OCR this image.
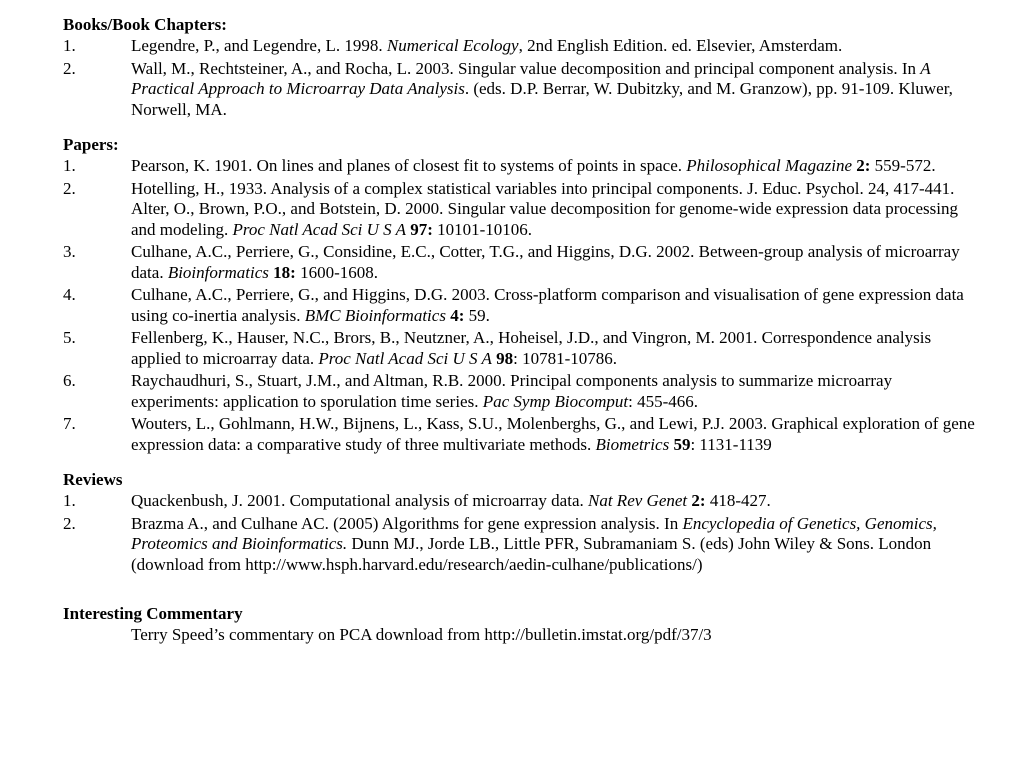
Books/Book Chapters:
1.	Legendre, P., and Legendre, L. 1998. Numerical Ecology, 2nd English Edition. ed. Elsevier, Amsterdam.
2.	Wall, M., Rechtsteiner, A., and Rocha, L. 2003. Singular value decomposition and principal component analysis. In A Practical Approach to Microarray Data Analysis. (eds. D.P. Berrar, W. Dubitzky, and M. Granzow), pp. 91-109. Kluwer, Norwell, MA.
Papers:
1.	Pearson, K. 1901. On lines and planes of closest fit to systems of points in space. Philosophical Magazine 2: 559-572.
2.	Hotelling, H., 1933. Analysis of a complex statistical variables into principal components. J. Educ. Psychol. 24, 417-441. Alter, O., Brown, P.O., and Botstein, D. 2000. Singular value decomposition for genome-wide expression data processing and modeling. Proc Natl Acad Sci U S A 97: 10101-10106.
3.	Culhane, A.C., Perriere, G., Considine, E.C., Cotter, T.G., and Higgins, D.G. 2002. Between-group analysis of microarray data. Bioinformatics 18: 1600-1608.
4.	Culhane, A.C., Perriere, G., and Higgins, D.G. 2003. Cross-platform comparison and visualisation of gene expression data using co-inertia analysis. BMC Bioinformatics 4: 59.
5.	Fellenberg, K., Hauser, N.C., Brors, B., Neutzner, A., Hoheisel, J.D., and Vingron, M. 2001. Correspondence analysis applied to microarray data. Proc Natl Acad Sci U S A 98: 10781-10786.
6.	Raychaudhuri, S., Stuart, J.M., and Altman, R.B. 2000. Principal components analysis to summarize microarray experiments: application to sporulation time series. Pac Symp Biocomput: 455-466.
7.	Wouters, L., Gohlmann, H.W., Bijnens, L., Kass, S.U., Molenberghs, G., and Lewi, P.J. 2003. Graphical exploration of gene expression data: a comparative study of three multivariate methods. Biometrics 59: 1131-1139
Reviews
1.	Quackenbush, J. 2001. Computational analysis of microarray data. Nat Rev Genet 2: 418-427.
2.	Brazma A., and Culhane AC. (2005) Algorithms for gene expression analysis. In Encyclopedia of Genetics, Genomics, Proteomics and Bioinformatics. Dunn MJ., Jorde LB., Little PFR, Subramaniam S. (eds) John Wiley & Sons. London (download from http://www.hsph.harvard.edu/research/aedin-culhane/publications/)
Interesting Commentary

Terry Speed’s commentary on PCA download from http://bulletin.imstat.org/pdf/37/3
